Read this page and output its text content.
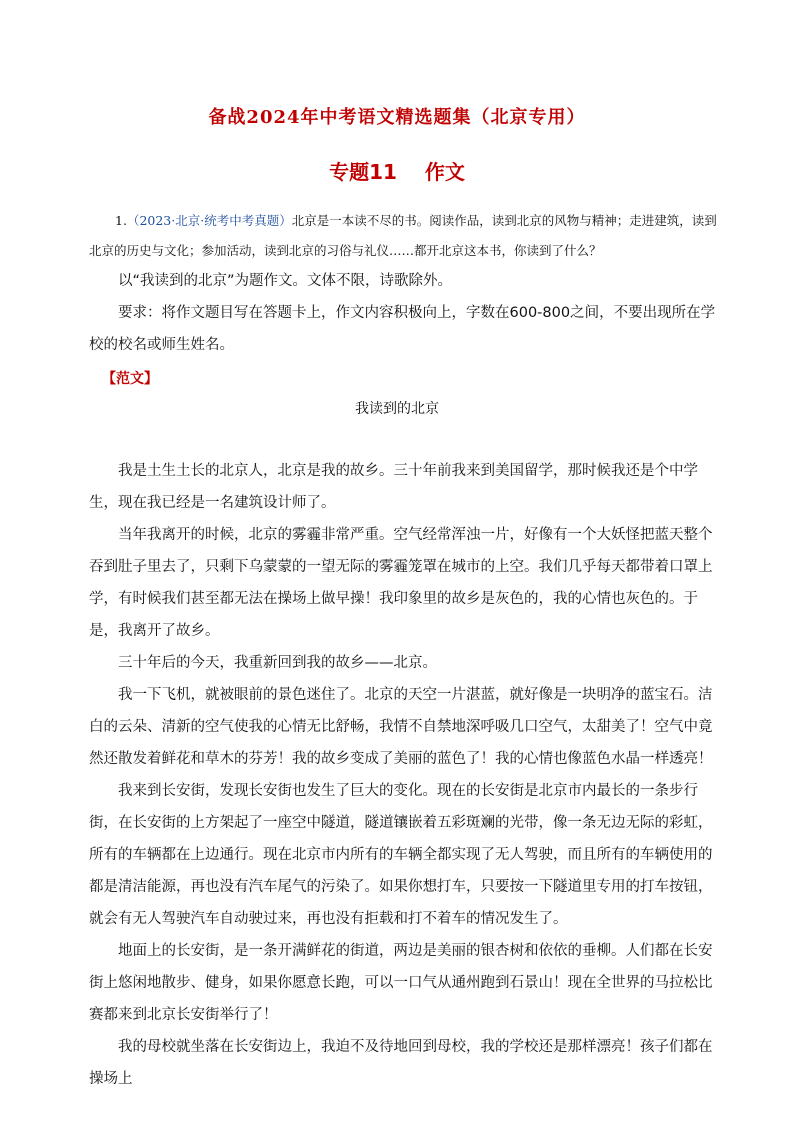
备战2024年中考语文精选题集（北京专用）
专题11 作文

1.（2023·北京·统考中考真题）北京是一本读不尽的书。阅读作品，读到北京的风物与精神；走进建筑，读到北京的历史与文化；参加活动，读到北京的习俗与礼仪……都开北京这本书，你读到了什么？

以“我读到的北京”为题作文。文体不限，诗歌除外。

要求：将作文题目写在答题卡上，作文内容积极向上，字数在600-800之间，不要出现所在学校的校名或师生姓名。

【范文】
我读到的北京

我是土生土长的北京人，北京是我的故乡。三十年前我来到美国留学，那时候我还是个中学生，现在我已经是一名建筑设计师了。

当年我离开的时候，北京的雾霾非常严重。空气经常浑浊一片，好像有一个大妖怪把蓝天整个吞到肚子里去了，只剩下乌蒙蒙的一望无际的雾霾笼罩在城市的上空。我们几乎每天都带着口罩上学，有时候我们甚至都无法在操场上做早操！我印象里的故乡是灰色的，我的心情也灰色的。于是，我离开了故乡。

三十年后的今天，我重新回到我的故乡——北京。

我一下飞机，就被眼前的景色迷住了。北京的天空一片湛蓝，就好像是一块明净的蓝宝石。洁白的云朵、清新的空气使我的心情无比舒畅，我情不自禁地深呼吸几口空气，太甜美了！空气中竟然还散发着鲜花和草木的芬芳！我的故乡变成了美丽的蓝色了！我的心情也像蓝色水晶一样透亮！

我来到长安街，发现长安街也发生了巨大的变化。现在的长安街是北京市内最长的一条步行街，在长安街的上方架起了一座空中隧道，隧道镶嵌着五彩斑斓的光带，像一条无边无际的彩虹，所有的车辆都在上边通行。现在北京市内所有的车辆全都实现了无人驾驶，而且所有的车辆使用的都是清洁能源，再也没有汽车尾气的污染了。如果你想打车，只要按一下隧道里专用的打车按钮，就会有无人驾驶汽车自动驶过来，再也没有拒载和打不着车的情况发生了。

地面上的长安街，是一条开满鲜花的街道，两边是美丽的银杏树和依依的垂柳。人们都在长安街上悠闲地散步、健身，如果你愿意长跑，可以一口气从通州跑到石景山！现在全世界的马拉松比赛都来到北京长安街举行了！

我的母校就坐落在长安街边上，我迫不及待地回到母校，我的学校还是那样漂亮！孩子们都在操场上
